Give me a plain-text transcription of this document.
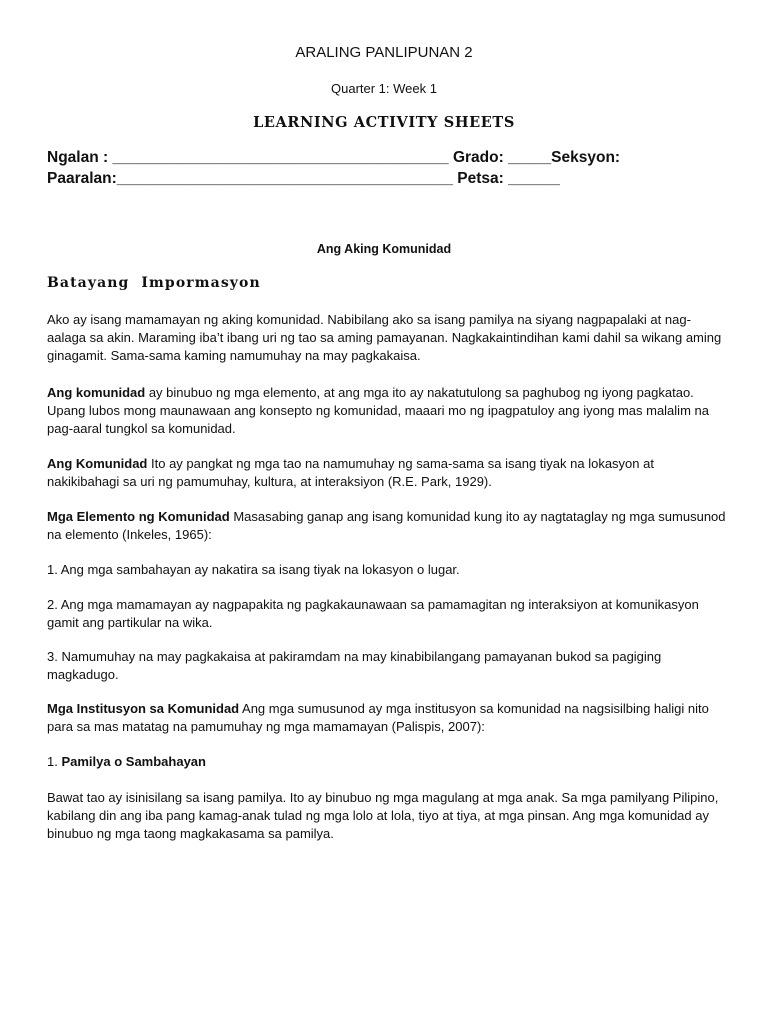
ARALING PANLIPUNAN 2
Quarter 1: Week 1
LEARNING ACTIVITY SHEETS
Ngalan : _______________________________________ Grado: _____Seksyon:
Paaralan:_______________________________________ Petsa: ______
Ang Aking Komunidad
Batayang  Impormasyon
Ako ay isang mamamayan ng aking komunidad. Nabibilang ako sa isang pamilya na siyang nagpapalaki at nag-aalaga sa akin. Maraming iba’t ibang uri ng tao sa aming pamayanan. Nagkakaintindihan kami dahil sa wikang aming ginagamit. Sama-sama kaming namumuhay na may pagkakaisa.
Ang komunidad ay binubuo ng mga elemento, at ang mga ito ay nakatutulong sa paghubog ng iyong pagkatao. Upang lubos mong maunawaan ang konsepto ng komunidad, maaari mo ng ipagpatuloy ang iyong mas malalim na pag-aaral tungkol sa komunidad.
Ang Komunidad Ito ay pangkat ng mga tao na namumuhay ng sama-sama sa isang tiyak na lokasyon at nakikibahagi sa uri ng pamumuhay, kultura, at interaksiyon (R.E. Park, 1929).
Mga Elemento ng Komunidad Masasabing ganap ang isang komunidad kung ito ay nagtataglay ng mga sumusunod na elemento (Inkeles, 1965):
1. Ang mga sambahayan ay nakatira sa isang tiyak na lokasyon o lugar.
2. Ang mga mamamayan ay nagpapakita ng pagkakaunawaan sa pamamagitan ng interaksiyon at komunikasyon gamit ang partikular na wika.
3. Namumuhay na may pagkakaisa at pakiramdam na may kinabibilangang pamayanan bukod sa pagiging magkadugo.
Mga Institusyon sa Komunidad Ang mga sumusunod ay mga institusyon sa komunidad na nagsisilbing haligi nito para sa mas matatag na pamumuhay ng mga mamamayan (Palispis, 2007):
1. Pamilya o Sambahayan
Bawat tao ay isinisilang sa isang pamilya. Ito ay binubuo ng mga magulang at mga anak. Sa mga pamilyang Pilipino, kabilang din ang iba pang kamag-anak tulad ng mga lolo at lola, tiyo at tiya, at mga pinsan. Ang mga komunidad ay binubuo ng mga taong magkakasama sa pamilya.
